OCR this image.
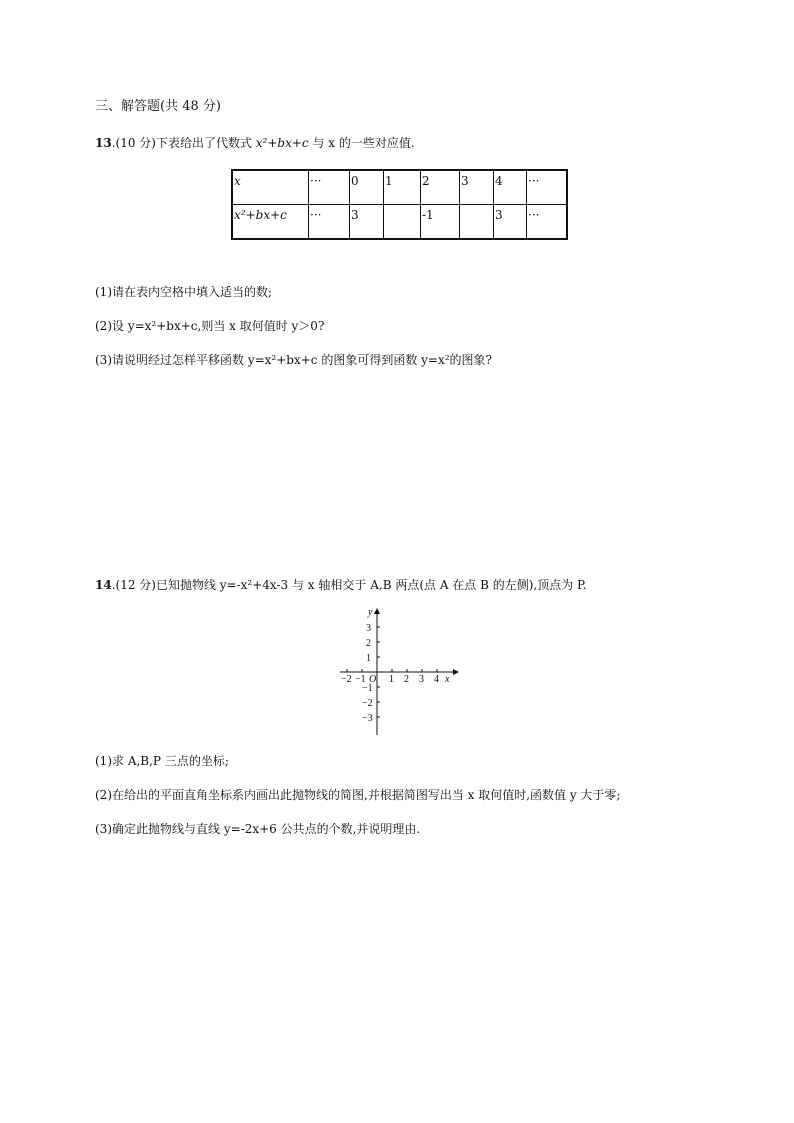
三、解答题(共 48 分)
13.(10 分)下表给出了代数式 x²+bx+c 与 x 的一些对应值.
x	···	0	1	2	3	4	···
x²+bx+c	···	3		-1		3	···
(1)请在表内空格中填入适当的数;
(2)设 y=x²+bx+c,则当 x 取何值时 y＞0?
(3)请说明经过怎样平移函数 y=x²+bx+c 的图象可得到函数 y=x²的图象?
14.(12 分)已知抛物线 y=-x²+4x-3 与 x 轴相交于 A,B 两点(点 A 在点 B 的左侧),顶点为 P.
y
x
O
−2 −1 1 2 3 4
3
2
1
−1
−2
−3
(1)求 A,B,P 三点的坐标;
(2)在给出的平面直角坐标系内画出此抛物线的简图,并根据简图写出当 x 取何值时,函数值 y 大于零;
(3)确定此抛物线与直线 y=-2x+6 公共点的个数,并说明理由.
